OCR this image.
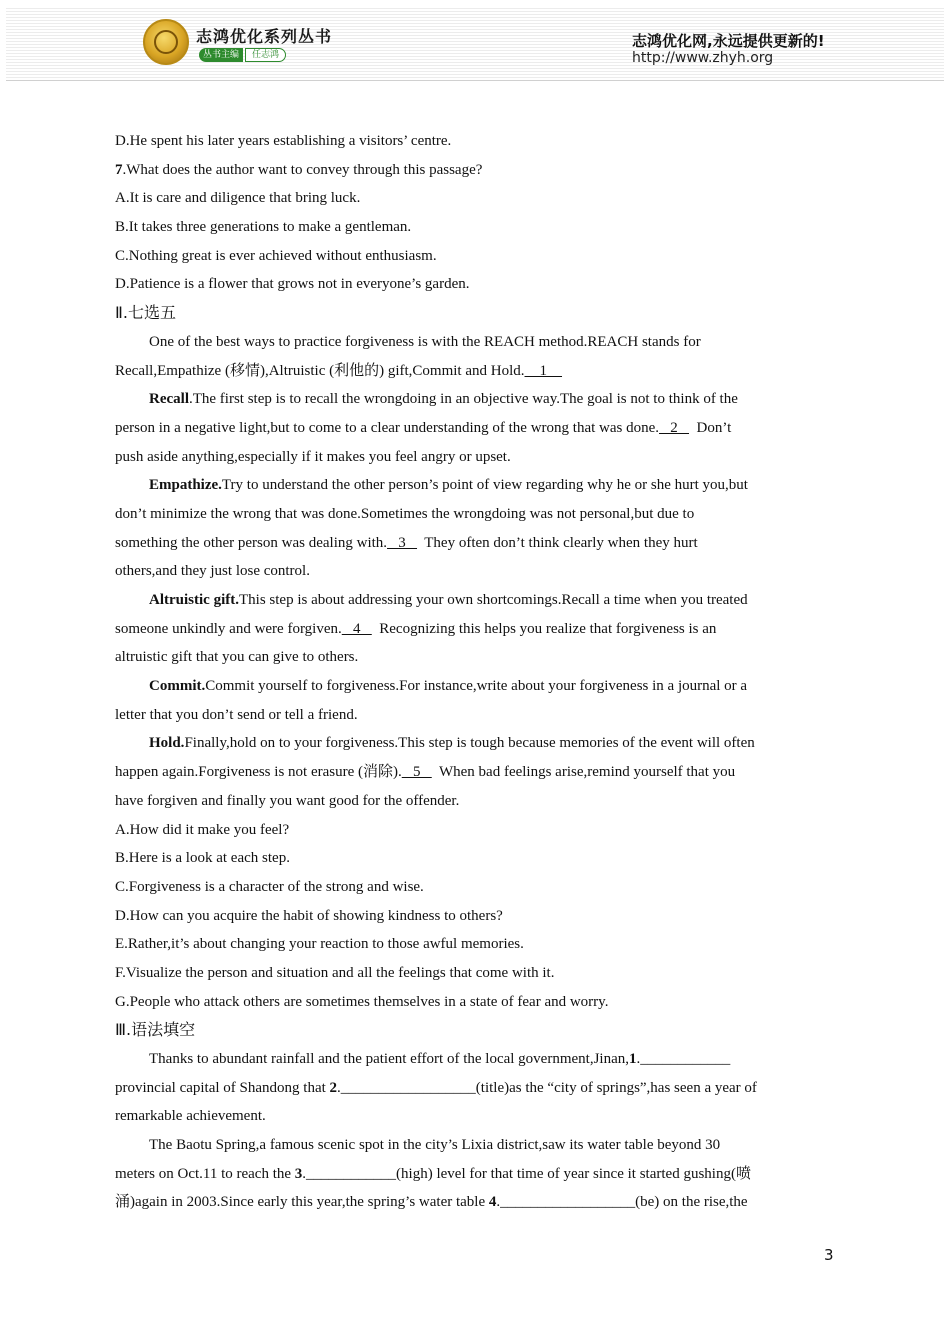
志鸿优化系列丛书
丛书主编	任志鸿
志鸿优化网,永远提供更新的!
http://www.zhyh.org
D.He spent his later years establishing a visitors’ centre.
7.What does the author want to convey through this passage?
A.It is care and diligence that bring luck.
B.It takes three generations to make a gentleman.
C.Nothing great is ever achieved without enthusiasm.
D.Patience is a flower that grows not in everyone’s garden.
Ⅱ.七选五
One of the best ways to practice forgiveness is with the REACH method.REACH stands for
Recall,Empathize (移情),Altruistic (利他的) gift,Commit and Hold.    1
Recall.The first step is to recall the wrongdoing in an objective way.The goal is not to think of the
person in a negative light,but to come to a clear understanding of the wrong that was done.   2     Don’t
push aside anything,especially if it makes you feel angry or upset.
Empathize.Try to understand the other person’s point of view regarding why he or she hurt you,but
don’t minimize the wrong that was done.Sometimes the wrongdoing was not personal,but due to
something the other person was dealing with.   3     They often don’t think clearly when they hurt
others,and they just lose control.
Altruistic gift.This step is about addressing your own shortcomings.Recall a time when you treated
someone unkindly and were forgiven.   4     Recognizing this helps you realize that forgiveness is an
altruistic gift that you can give to others.
Commit.Commit yourself to forgiveness.For instance,write about your forgiveness in a journal or a
letter that you don’t send or tell a friend.
Hold.Finally,hold on to your forgiveness.This step is tough because memories of the event will often
happen again.Forgiveness is not erasure (消除).   5     When bad feelings arise,remind yourself that you
have forgiven and finally you want good for the offender.
A.How did it make you feel?
B.Here is a look at each step.
C.Forgiveness is a character of the strong and wise.
D.How can you acquire the habit of showing kindness to others?
E.Rather,it’s about changing your reaction to those awful memories.
F.Visualize the person and situation and all the feelings that come with it.
G.People who attack others are sometimes themselves in a state of fear and worry.
Ⅲ.语法填空
Thanks to abundant rainfall and the patient effort of the local government,Jinan,1.____________
provincial capital of Shandong that 2.__________________(title)as the “city of springs”,has seen a year of
remarkable achievement.
The Baotu Spring,a famous scenic spot in the city’s Lixia district,saw its water table beyond 30
meters on Oct.11 to reach the 3.____________(high) level for that time of year since it started gushing(喷
涌)again in 2003.Since early this year,the spring’s water table 4.__________________(be) on the rise,the
3
